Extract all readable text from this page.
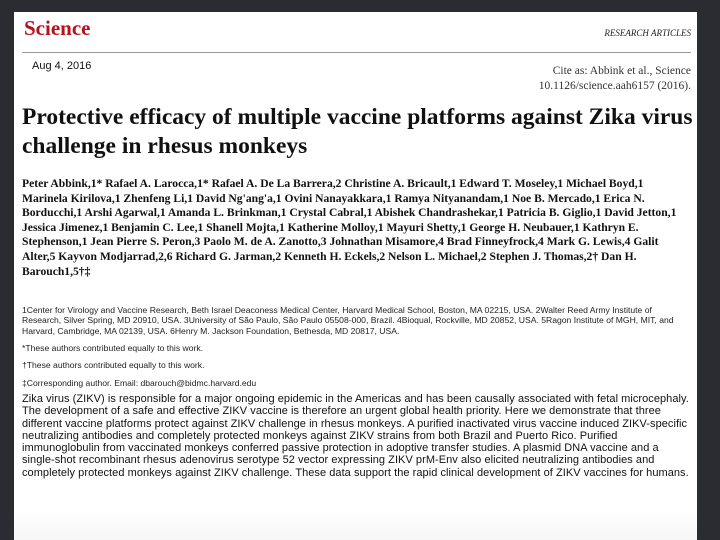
Science	RESEARCH ARTICLES
Aug 4, 2016	Cite as: Abbink et al., Science
10.1126/science.aah6157 (2016).
Protective efficacy of multiple vaccine platforms against Zika virus challenge in rhesus monkeys
Peter Abbink,1* Rafael A. Larocca,1* Rafael A. De La Barrera,2 Christine A. Bricault,1 Edward T. Moseley,1 Michael Boyd,1 Marinela Kirilova,1 Zhenfeng Li,1 David Ng'ang'a,1 Ovini Nanayakkara,1 Ramya Nityanandam,1 Noe B. Mercado,1 Erica N. Borducchi,1 Arshi Agarwal,1 Amanda L. Brinkman,1 Crystal Cabral,1 Abishek Chandrashekar,1 Patricia B. Giglio,1 David Jetton,1 Jessica Jimenez,1 Benjamin C. Lee,1 Shanell Mojta,1 Katherine Molloy,1 Mayuri Shetty,1 George H. Neubauer,1 Kathryn E. Stephenson,1 Jean Pierre S. Peron,3 Paolo M. de A. Zanotto,3 Johnathan Misamore,4 Brad Finneyfrock,4 Mark G. Lewis,4 Galit Alter,5 Kayvon Modjarrad,2,6 Richard G. Jarman,2 Kenneth H. Eckels,2 Nelson L. Michael,2 Stephen J. Thomas,2† Dan H. Barouch1,5†‡
1Center for Virology and Vaccine Research, Beth Israel Deaconess Medical Center, Harvard Medical School, Boston, MA 02215, USA. 2Walter Reed Army Institute of Research, Silver Spring, MD 20910, USA. 3University of São Paulo, São Paulo 05508-000, Brazil. 4Bioqual, Rockville, MD 20852, USA. 5Ragon Institute of MGH, MIT, and Harvard, Cambridge, MA 02139, USA. 6Henry M. Jackson Foundation, Bethesda, MD 20817, USA.
*These authors contributed equally to this work.
†These authors contributed equally to this work.
‡Corresponding author. Email: dbarouch@bidmc.harvard.edu
Zika virus (ZIKV) is responsible for a major ongoing epidemic in the Americas and has been causally associated with fetal microcephaly. The development of a safe and effective ZIKV vaccine is therefore an urgent global health priority. Here we demonstrate that three different vaccine platforms protect against ZIKV challenge in rhesus monkeys. A purified inactivated virus vaccine induced ZIKV-specific neutralizing antibodies and completely protected monkeys against ZIKV strains from both Brazil and Puerto Rico. Purified immunoglobulin from vaccinated monkeys conferred passive protection in adoptive transfer studies. A plasmid DNA vaccine and a single-shot recombinant rhesus adenovirus serotype 52 vector expressing ZIKV prM-Env also elicited neutralizing antibodies and completely protected monkeys against ZIKV challenge. These data support the rapid clinical development of ZIKV vaccines for humans.
